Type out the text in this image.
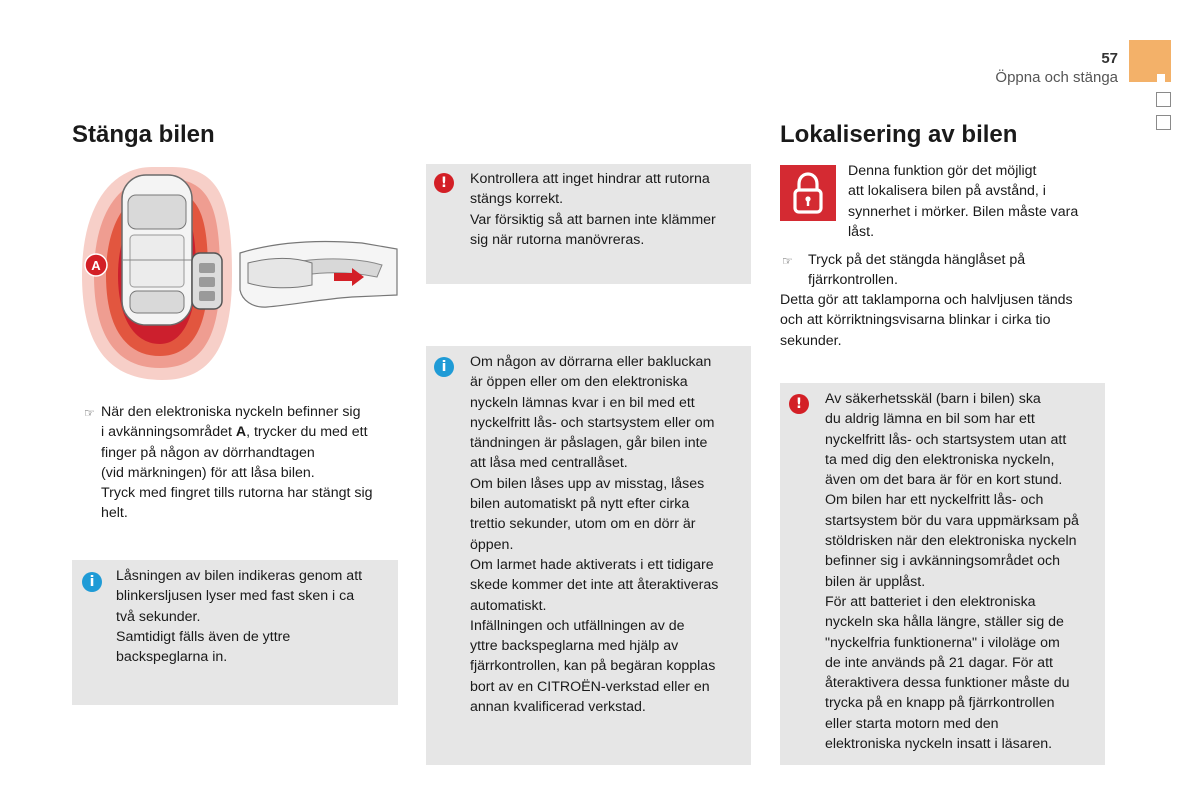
57
Öppna och stänga
Stänga bilen
A
☞ När den elektroniska nyckeln befinner sig
i avkänningsområdet A, trycker du med ett
finger på någon av dörrhandtagen
(vid märkningen) för att låsa bilen.
Tryck med fingret tills rutorna har stängt sig
helt.
i	Låsningen av bilen indikeras genom att
blinkersljusen lyser med fast sken i ca
två sekunder.
Samtidigt fälls även de yttre
backspeglarna in.
!	Kontrollera att inget hindrar att rutorna
stängs korrekt.
Var försiktig så att barnen inte klämmer
sig när rutorna manövreras.
i	Om någon av dörrarna eller bakluckan
är öppen eller om den elektroniska
nyckeln lämnas kvar i en bil med ett
nyckelfritt lås- och startsystem eller om
tändningen är påslagen, går bilen inte
att låsa med centrallåset.
Om bilen låses upp av misstag, låses
bilen automatiskt på nytt efter cirka
trettio sekunder, utom om en dörr är
öppen.
Om larmet hade aktiverats i ett tidigare
skede kommer det inte att återaktiveras
automatiskt.
Infällningen och utfällningen av de
yttre backspeglarna med hjälp av
fjärrkontrollen, kan på begäran kopplas
bort av en CITROËN-verkstad eller en
annan kvalificerad verkstad.
Lokalisering av bilen
Denna funktion gör det möjligt
att lokalisera bilen på avstånd, i
synnerhet i mörker. Bilen måste vara
låst.
☞ Tryck på det stängda hänglåset på
fjärrkontrollen.
Detta gör att taklamporna och halvljusen tänds
och att körriktningsvisarna blinkar i cirka tio
sekunder.
!	Av säkerhetsskäl (barn i bilen) ska
du aldrig lämna en bil som har ett
nyckelfritt lås- och startsystem utan att
ta med dig den elektroniska nyckeln,
även om det bara är för en kort stund.
Om bilen har ett nyckelfritt lås- och
startsystem bör du vara uppmärksam på
stöldrisken när den elektroniska nyckeln
befinner sig i avkänningsområdet och
bilen är upplåst.
För att batteriet i den elektroniska
nyckeln ska hålla längre, ställer sig de
"nyckelfria funktionerna" i viloläge om
de inte används på 21 dagar. För att
återaktivera dessa funktioner måste du
trycka på en knapp på fjärrkontrollen
eller starta motorn med den
elektroniska nyckeln insatt i läsaren.
